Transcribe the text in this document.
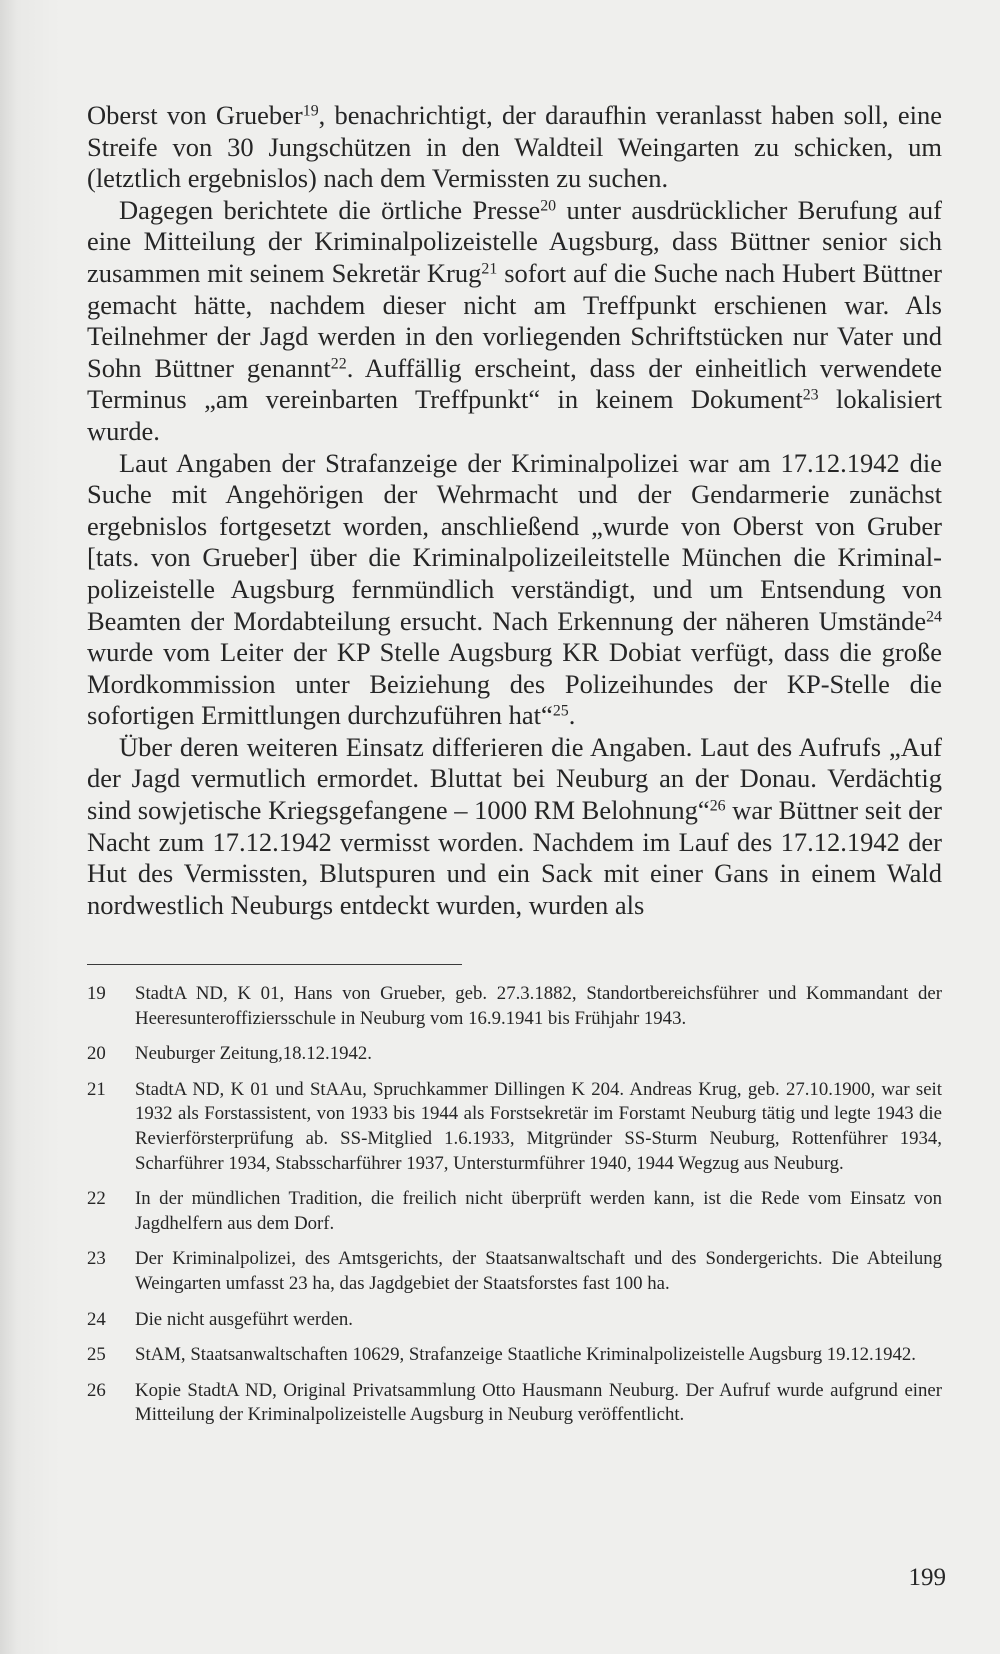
Oberst von Grueber$^{19}$, benachrichtigt, der daraufhin veranlasst haben soll, eine Streife von 30 Jungschützen in den Waldteil Weingarten zu schicken, um (letztlich ergebnislos) nach dem Vermissten zu suchen.

Dagegen berichtete die örtliche Presse$^{20}$ unter ausdrücklicher Berufung auf eine Mitteilung der Kriminalpolizeistelle Augsburg, dass Büttner senior sich zusammen mit seinem Sekretär Krug$^{21}$ sofort auf die Suche nach Hubert Büttner gemacht hätte, nachdem dieser nicht am Treffpunkt erschienen war. Als Teilnehmer der Jagd werden in den vorliegenden Schriftstücken nur Vater und Sohn Büttner genannt$^{22}$. Auffällig erscheint, dass der einheitlich verwendete Terminus „am vereinbarten Treffpunkt“ in keinem Dokument$^{23}$ lokalisiert wurde.

Laut Angaben der Strafanzeige der Kriminalpolizei war am 17.12.1942 die Suche mit Angehörigen der Wehrmacht und der Gendarmerie zunächst ergebnislos fortgesetzt worden, anschließend „wurde von Oberst von Gruber [tats. von Grueber] über die Kriminalpolizeileitstelle München die Kriminalpolizeistelle Augsburg fernmündlich verständigt, und um Entsendung von Beamten der Mordabteilung ersucht. Nach Erkennung der näheren Umstände$^{24}$ wurde vom Leiter der KP Stelle Augsburg KR Dobiat verfügt, dass die große Mordkommission unter Beiziehung des Polizeihundes der KP-Stelle die sofortigen Ermittlungen durchzuführen hat“$^{25}$.

Über deren weiteren Einsatz differieren die Angaben. Laut des Aufrufs „Auf der Jagd vermutlich ermordet. Bluttat bei Neuburg an der Donau. Verdächtig sind sowjetische Kriegsgefangene – 1000 RM Belohnung“$^{26}$ war Büttner seit der Nacht zum 17.12.1942 vermisst worden. Nachdem im Lauf des 17.12.1942 der Hut des Vermissten, Blutspuren und ein Sack mit einer Gans in einem Wald nordwestlich Neuburgs entdeckt wurden, wurden als

19	StadtA ND, K 01, Hans von Grueber, geb. 27.3.1882, Standortbereichsführer und Kommandant der Heeresunteroffiziersschule in Neuburg vom 16.9.1941 bis Frühjahr 1943.
20	Neuburger Zeitung,18.12.1942.
21	StadtA ND, K 01 und StAAu, Spruchkammer Dillingen K 204. Andreas Krug, geb. 27.10.1900, war seit 1932 als Forstassistent, von 1933 bis 1944 als Forstsekretär im Forstamt Neuburg tätig und legte 1943 die Revierförsterprüfung ab. SS-Mitglied 1.6.1933, Mitgründer SS-Sturm Neuburg, Rottenführer 1934, Scharführer 1934, Stabsscharführer 1937, Untersturmführer 1940, 1944 Wegzug aus Neuburg.
22	In der mündlichen Tradition, die freilich nicht überprüft werden kann, ist die Rede vom Einsatz von Jagdhelfern aus dem Dorf.
23	Der Kriminalpolizei, des Amtsgerichts, der Staatsanwaltschaft und des Sondergerichts. Die Abteilung Weingarten umfasst 23 ha, das Jagdgebiet der Staatsforstes fast 100 ha.
24	Die nicht ausgeführt werden.
25	StAM, Staatsanwaltschaften 10629, Strafanzeige Staatliche Kriminalpolizeistelle Augsburg 19.12.1942.
26	Kopie StadtA ND, Original Privatsammlung Otto Hausmann Neuburg. Der Aufruf wurde aufgrund einer Mitteilung der Kriminalpolizeistelle Augsburg in Neuburg veröffentlicht.
199
